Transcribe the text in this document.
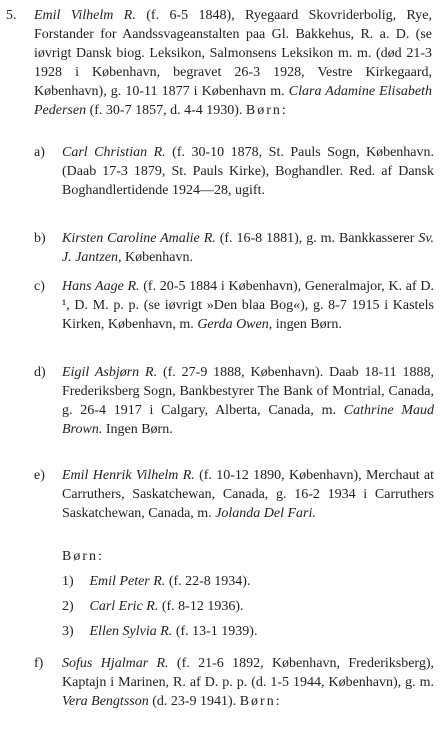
5. Emil Vilhelm R. (f. 6-5 1848), Ryegaard Skovriderbolig, Rye, Forstander for Aandssvageanstalten paa Gl. Bakkehus, R. a. D. (se iøvrigt Dansk biog. Leksikon, Salmonsens Leksikon m. m. (død 21-3 1928 i København, begravet 26-3 1928, Vestre Kirkegaard, København), g. 10-11 1877 i København m. Clara Adamine Elisabeth Pedersen (f. 30-7 1857, d. 4-4 1930). Børn:
a) Carl Christian R. (f. 30-10 1878, St. Pauls Sogn, København. (Daab 17-3 1879, St. Pauls Kirke), Boghandler. Red. af Dansk Boghandlertidende 1924—28, ugift.
b) Kirsten Caroline Amalie R. (f. 16-8 1881), g. m. Bankkasserer Sv. J. Jantzen, København.
c) Hans Aage R. (f. 20-5 1884 i København), Generalmajor, K. af D. ¹, D. M. p. p. (se iøvrigt »Den blaa Bog«), g. 8-7 1915 i Kastels Kirken, København, m. Gerda Owen, ingen Børn.
d) Eigil Asbjørn R. (f. 27-9 1888, København). Daab 18-11 1888, Frederiksberg Sogn, Bankbestyrer The Bank of Montrial, Canada, g. 26-4 1917 i Calgary, Alberta, Canada, m. Cathrine Maud Brown. Ingen Børn.
e) Emil Henrik Vilhelm R. (f. 10-12 1890, København), Merchaut at Carruthers, Saskatchewan, Canada, g. 16-2 1934 i Carruthers Saskatchewan, Canada, m. Jolanda Del Fari.
Børn:
1) Emil Peter R. (f. 22-8 1934).
2) Carl Eric R. (f. 8-12 1936).
3) Ellen Sylvia R. (f. 13-1 1939).
f) Sofus Hjalmar R. (f. 21-6 1892, København, Frederiksberg), Kaptajn i Marinen, R. af D. p. p. (d. 1-5 1944, København), g. m. Vera Bengtsson (d. 23-9 1941). Børn:
